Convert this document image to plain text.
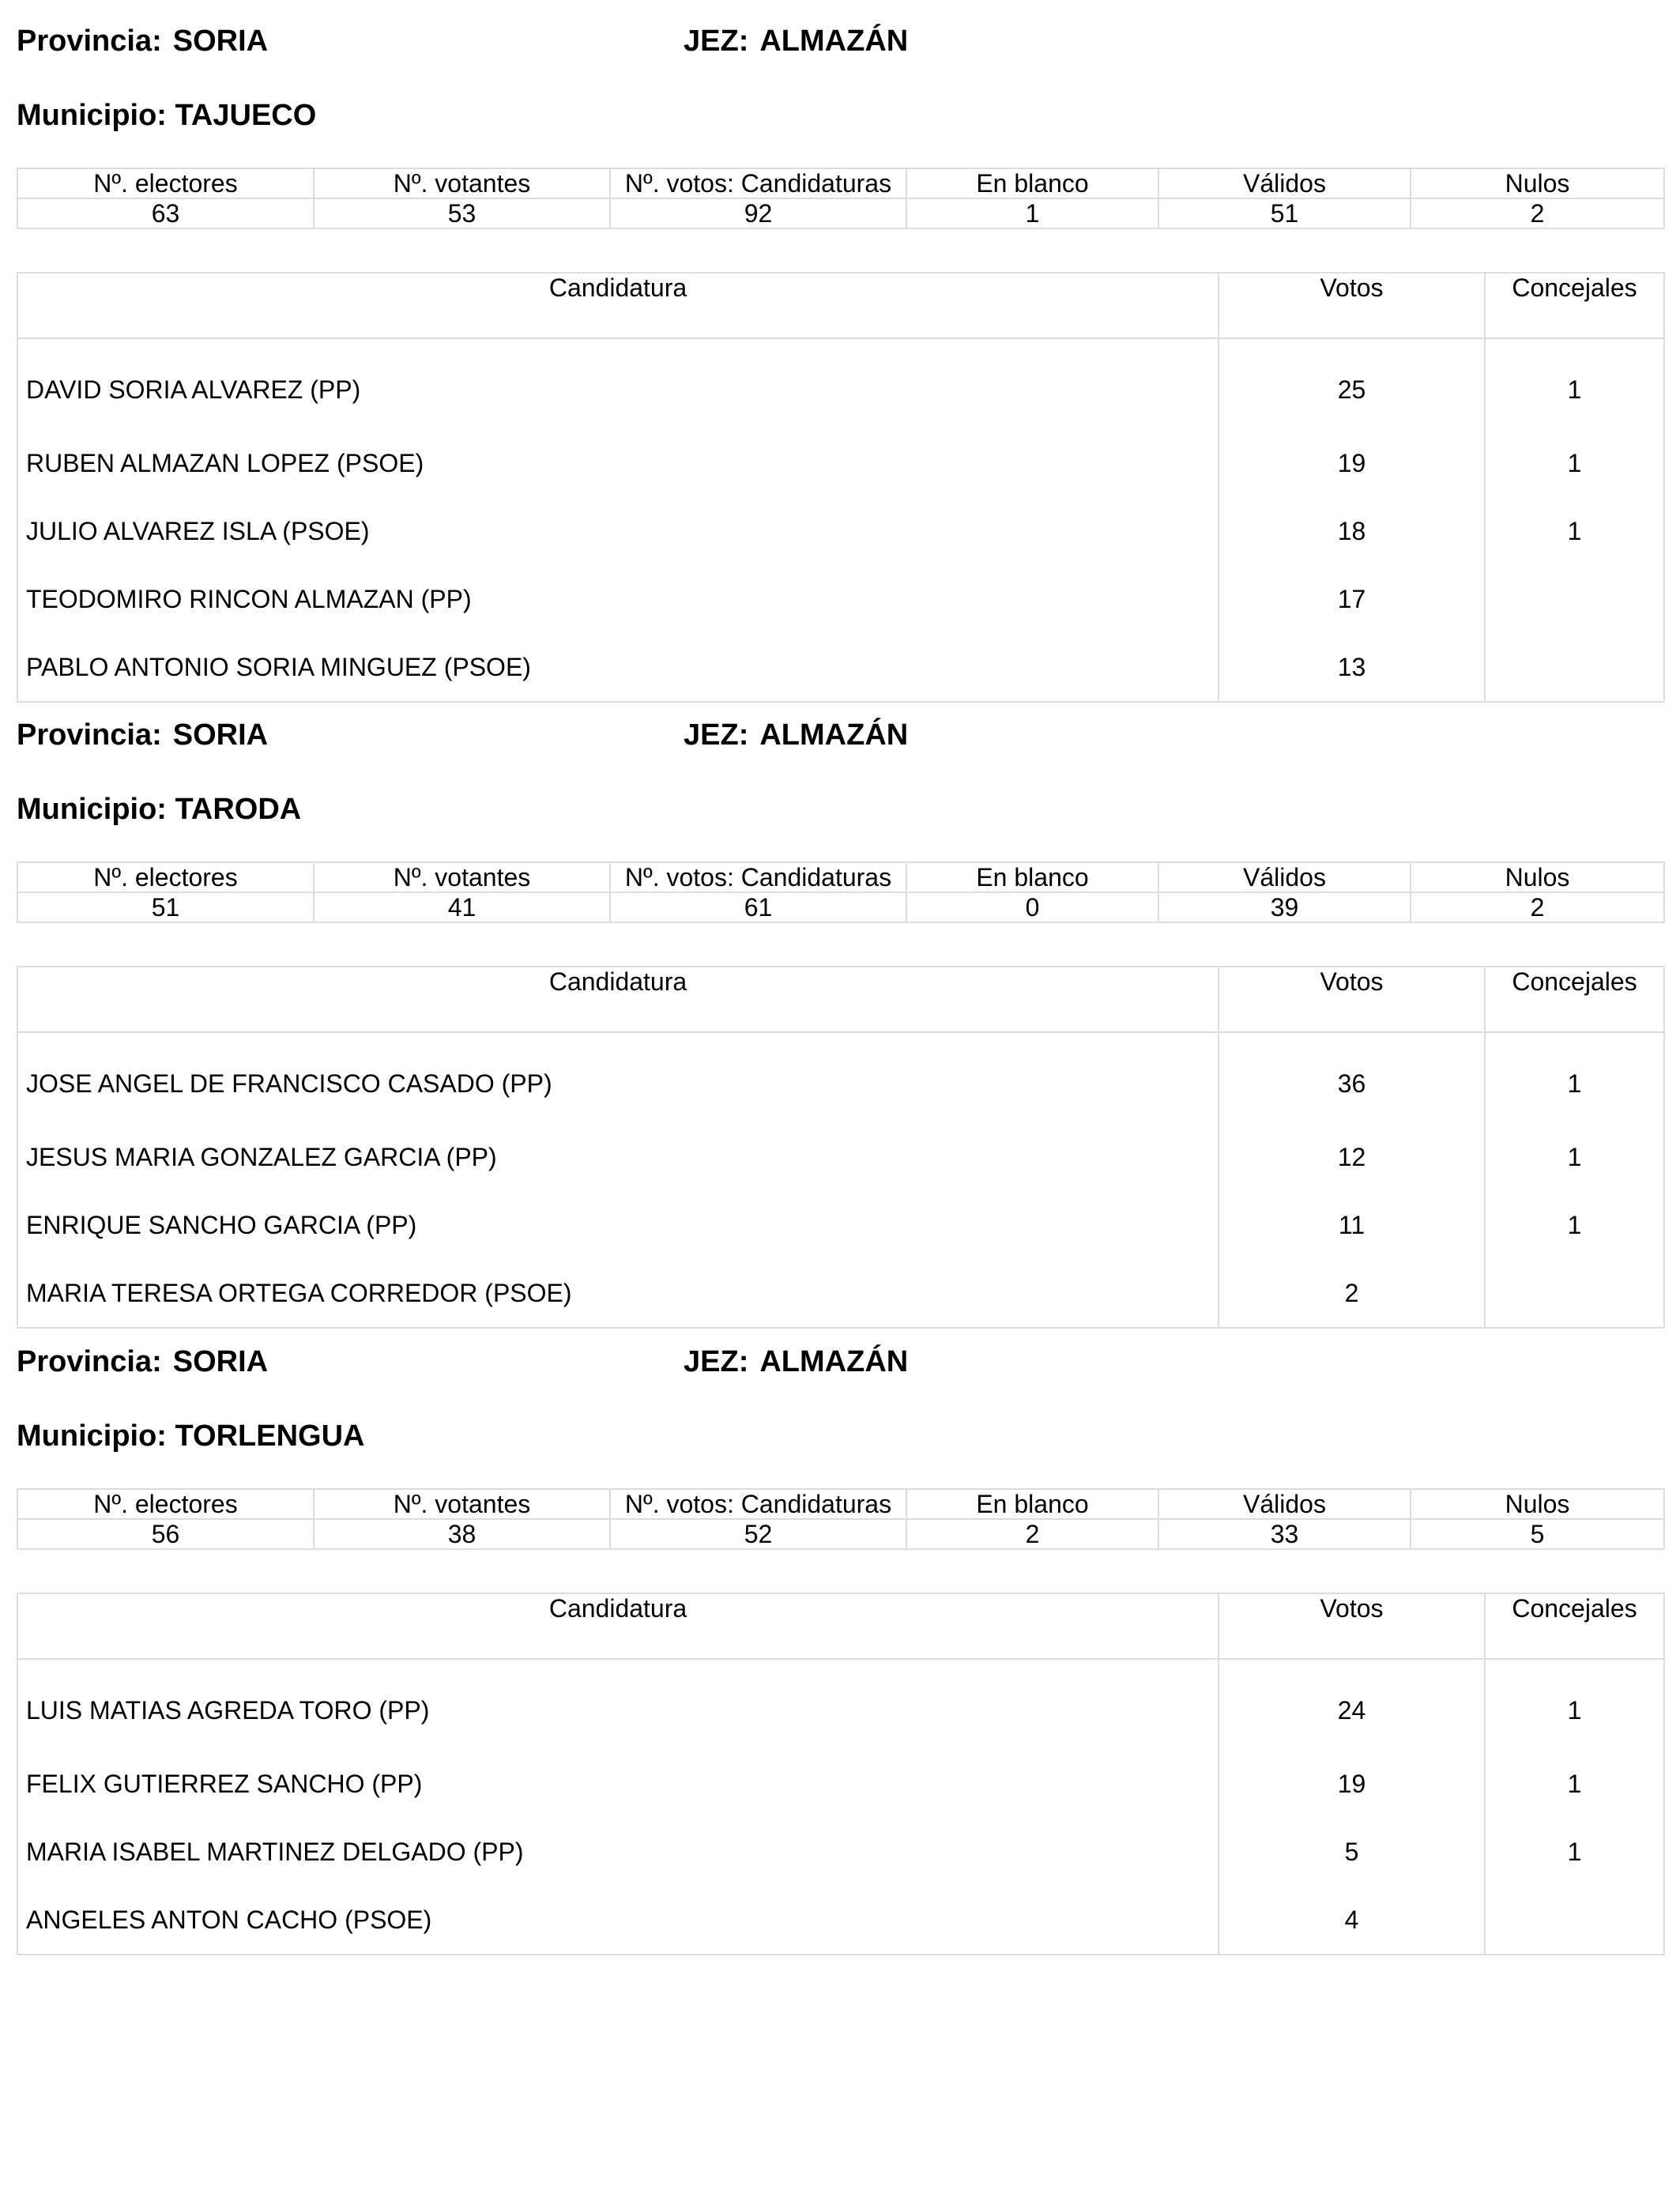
Provincia: SORIA	JEZ: ALMAZÁN
Municipio: TAJUECO
Nº. electores	Nº. votantes	Nº. votos: Candidaturas	En blanco	Válidos	Nulos
63	53	92	1	51	2
Candidatura	Votos	Concejales
DAVID SORIA ALVAREZ (PP)	25	1
RUBEN ALMAZAN LOPEZ (PSOE)	19	1
JULIO ALVAREZ ISLA (PSOE)	18	1
TEODOMIRO RINCON ALMAZAN (PP)	17	
PABLO ANTONIO SORIA MINGUEZ (PSOE)	13	
Provincia: SORIA	JEZ: ALMAZÁN
Municipio: TARODA
Nº. electores	Nº. votantes	Nº. votos: Candidaturas	En blanco	Válidos	Nulos
51	41	61	0	39	2
Candidatura	Votos	Concejales
JOSE ANGEL DE FRANCISCO CASADO (PP)	36	1
JESUS MARIA GONZALEZ GARCIA (PP)	12	1
ENRIQUE SANCHO GARCIA (PP)	11	1
MARIA TERESA ORTEGA CORREDOR (PSOE)	2	
Provincia: SORIA	JEZ: ALMAZÁN
Municipio: TORLENGUA
Nº. electores	Nº. votantes	Nº. votos: Candidaturas	En blanco	Válidos	Nulos
56	38	52	2	33	5
Candidatura	Votos	Concejales
LUIS MATIAS AGREDA TORO (PP)	24	1
FELIX GUTIERREZ SANCHO (PP)	19	1
MARIA ISABEL MARTINEZ DELGADO (PP)	5	1
ANGELES ANTON CACHO (PSOE)	4	
